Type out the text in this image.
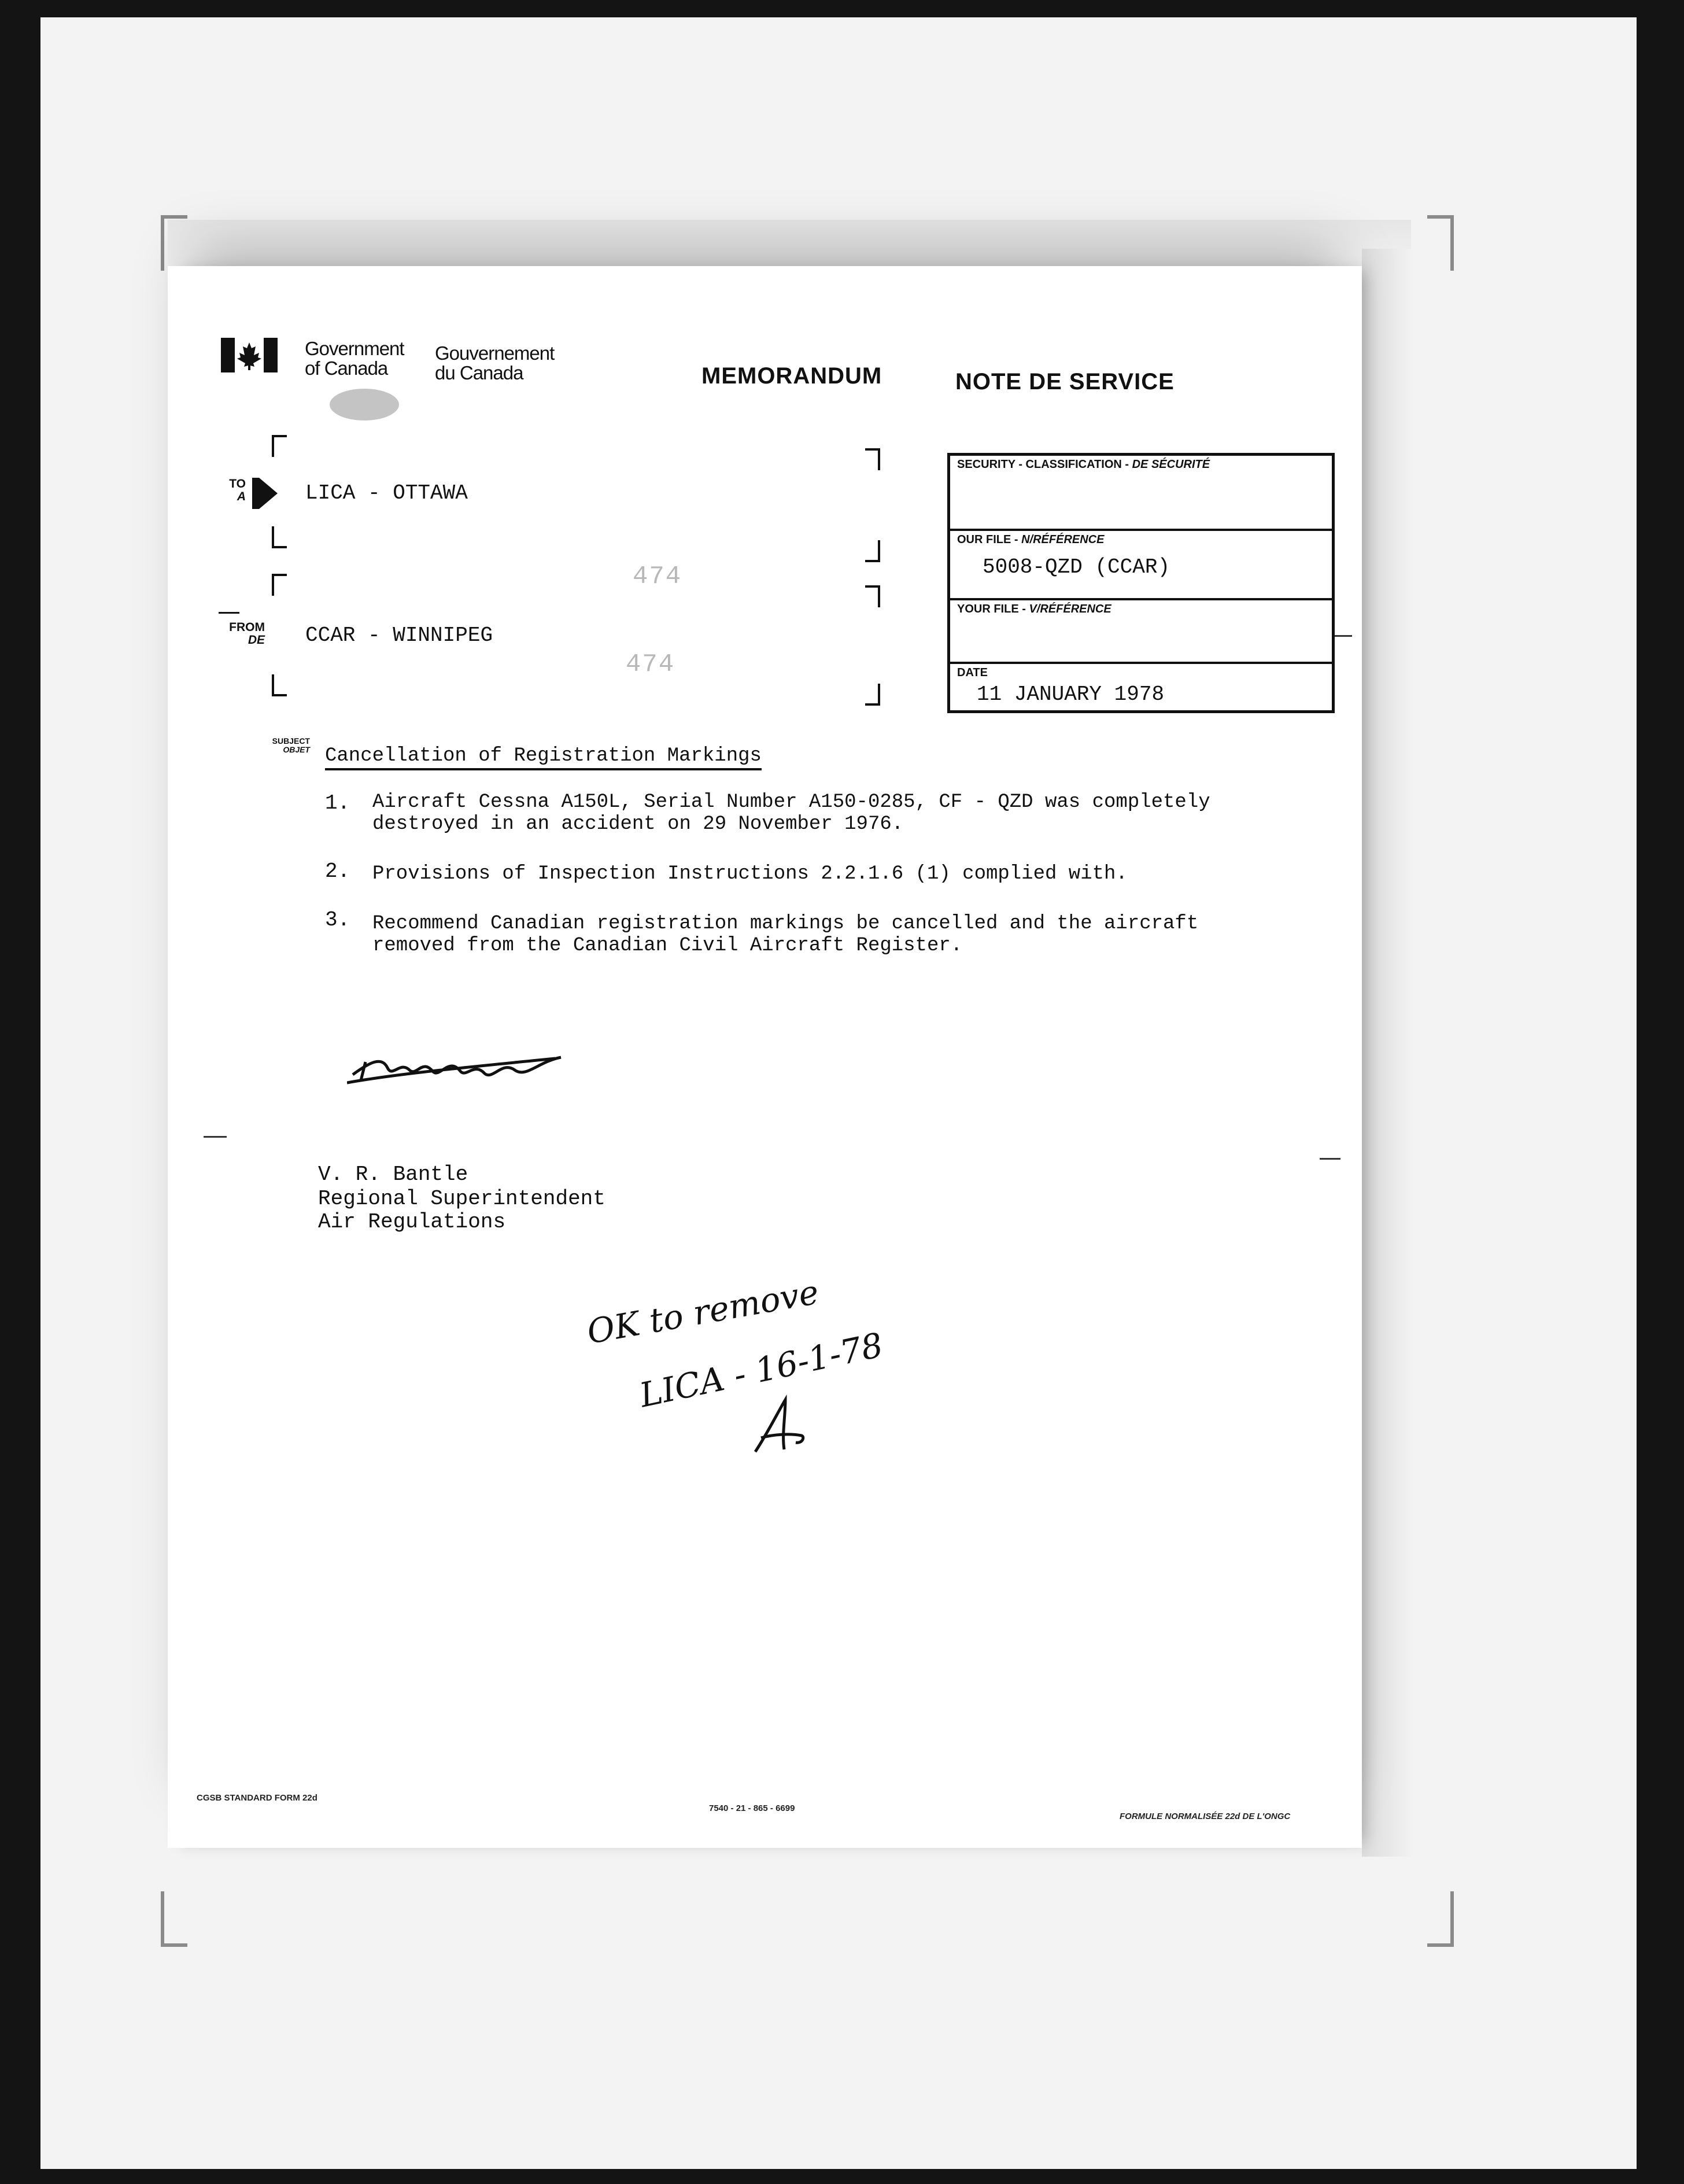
Government
of Canada
Gouvernement
du Canada	MEMORANDUM	NOTE DE SERVICE
TO
A	LICA - OTTAWA
FROM
DE CCAR - WINNIPEG
474
474
SECURITY - CLASSIFICATION - DE SÉCURITÉ
OUR FILE - N/RÉFÉRENCE
5008-QZD (CCAR)
YOUR FILE - V/RÉFÉRENCE
DATE
11 JANUARY 1978
SUBJECT
OBJET Cancellation of Registration Markings
1. Aircraft Cessna A150L, Serial Number A150-0285, CF - QZD was completely destroyed in an accident on 29 November 1976.
2. Provisions of Inspection Instructions 2.2.1.6 (1) complied with.
3. Recommend Canadian registration markings be cancelled and the aircraft removed from the Canadian Civil Aircraft Register.
V. R. Bantle
Regional Superintendent
Air Regulations
OK to remove
LICA - 16-1-78
CGSB STANDARD FORM 22d
7540 - 21 - 865 - 6699
FORMULE NORMALISÉE 22d DE L'ONGC
